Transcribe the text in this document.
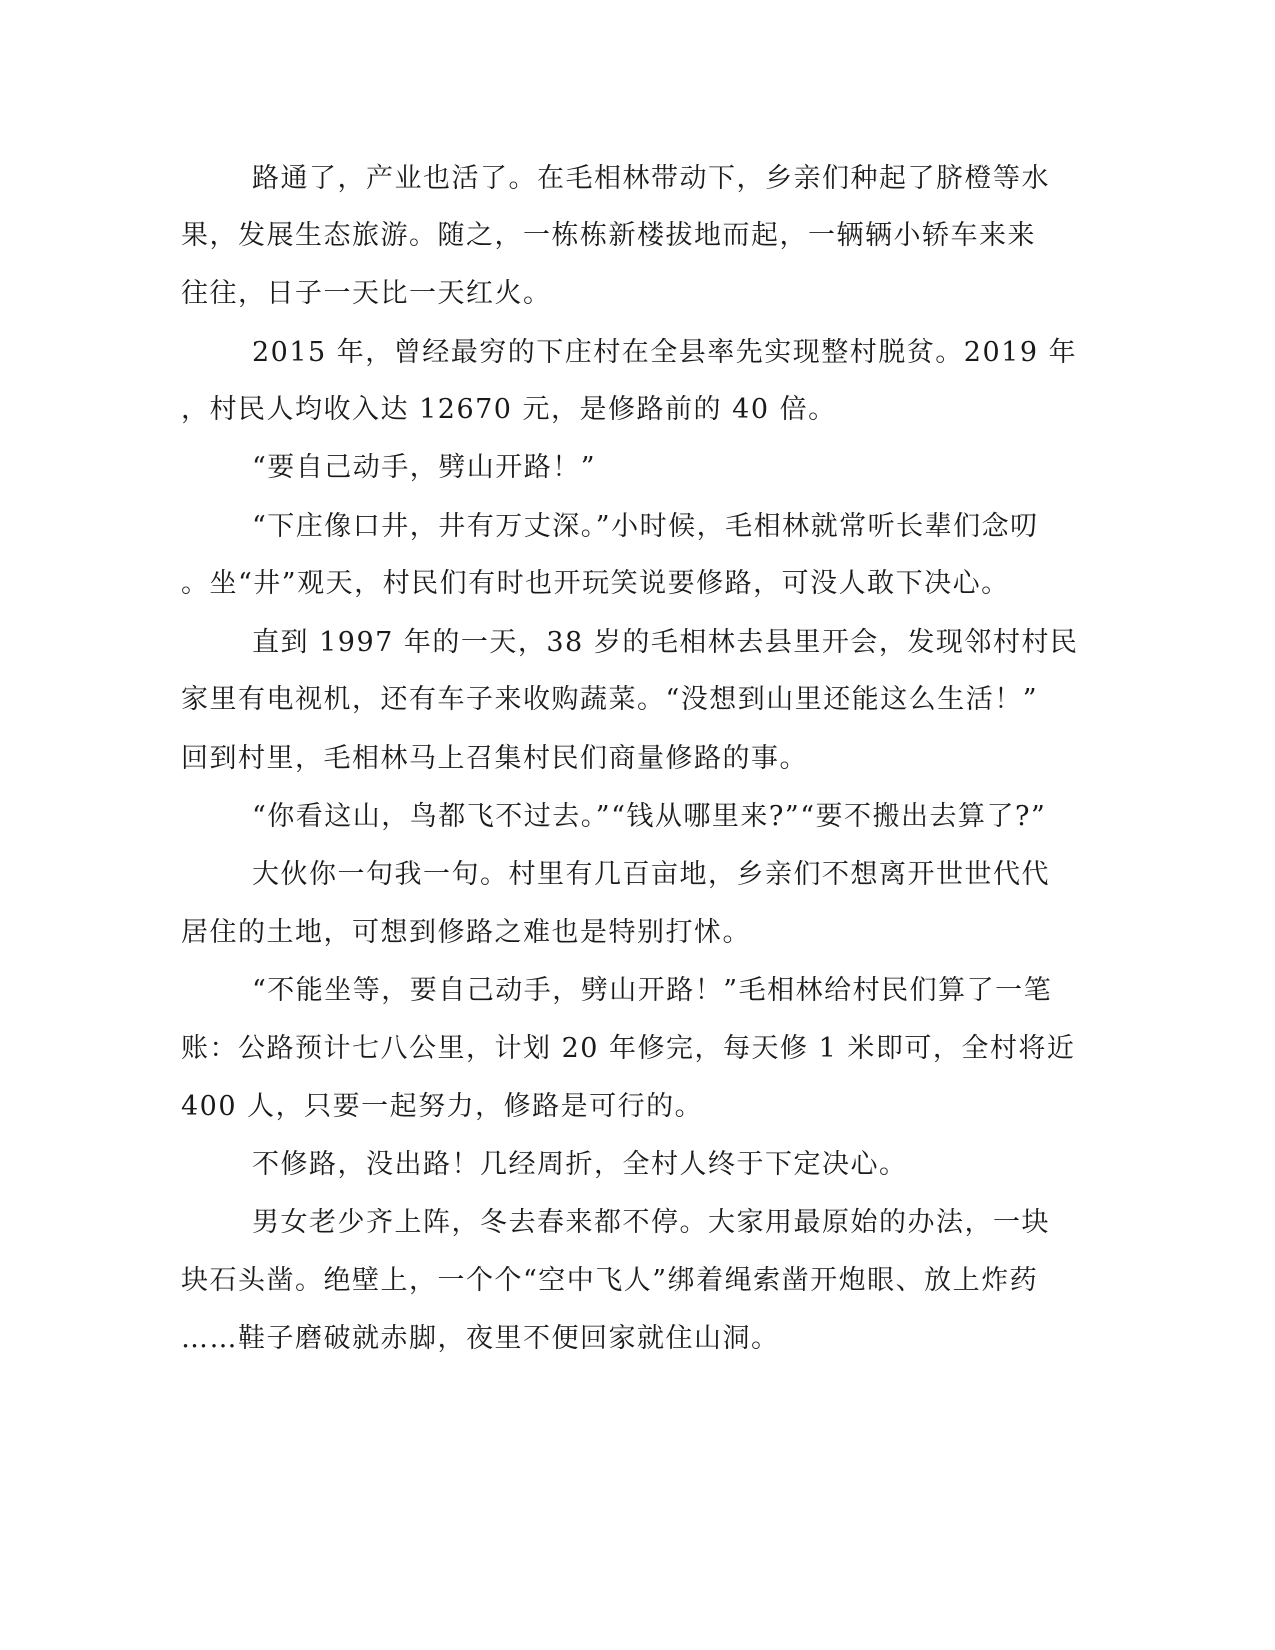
路通了，产业也活了。在毛相林带动下，乡亲们种起了脐橙等水
果，发展生态旅游。随之，一栋栋新楼拔地而起，一辆辆小轿车来来
往往，日子一天比一天红火。
2015 年，曾经最穷的下庄村在全县率先实现整村脱贫。2019 年
，村民人均收入达 12670 元，是修路前的 40 倍。
“要自己动手，劈山开路！”
“下庄像口井，井有万丈深。”小时候，毛相林就常听长辈们念叨
。坐“井”观天，村民们有时也开玩笑说要修路，可没人敢下决心。
直到 1997 年的一天，38 岁的毛相林去县里开会，发现邻村村民
家里有电视机，还有车子来收购蔬菜。“没想到山里还能这么生活！”
回到村里，毛相林马上召集村民们商量修路的事。
“你看这山，鸟都飞不过去。”“钱从哪里来?”“要不搬出去算了?”
大伙你一句我一句。村里有几百亩地，乡亲们不想离开世世代代
居住的土地，可想到修路之难也是特别打怵。
“不能坐等，要自己动手，劈山开路！”毛相林给村民们算了一笔
账：公路预计七八公里，计划 20 年修完，每天修 1 米即可，全村将近
400 人，只要一起努力，修路是可行的。
不修路，没出路！几经周折，全村人终于下定决心。
男女老少齐上阵，冬去春来都不停。大家用最原始的办法，一块
块石头凿。绝壁上，一个个“空中飞人”绑着绳索凿开炮眼、放上炸药
……鞋子磨破就赤脚，夜里不便回家就住山洞。
